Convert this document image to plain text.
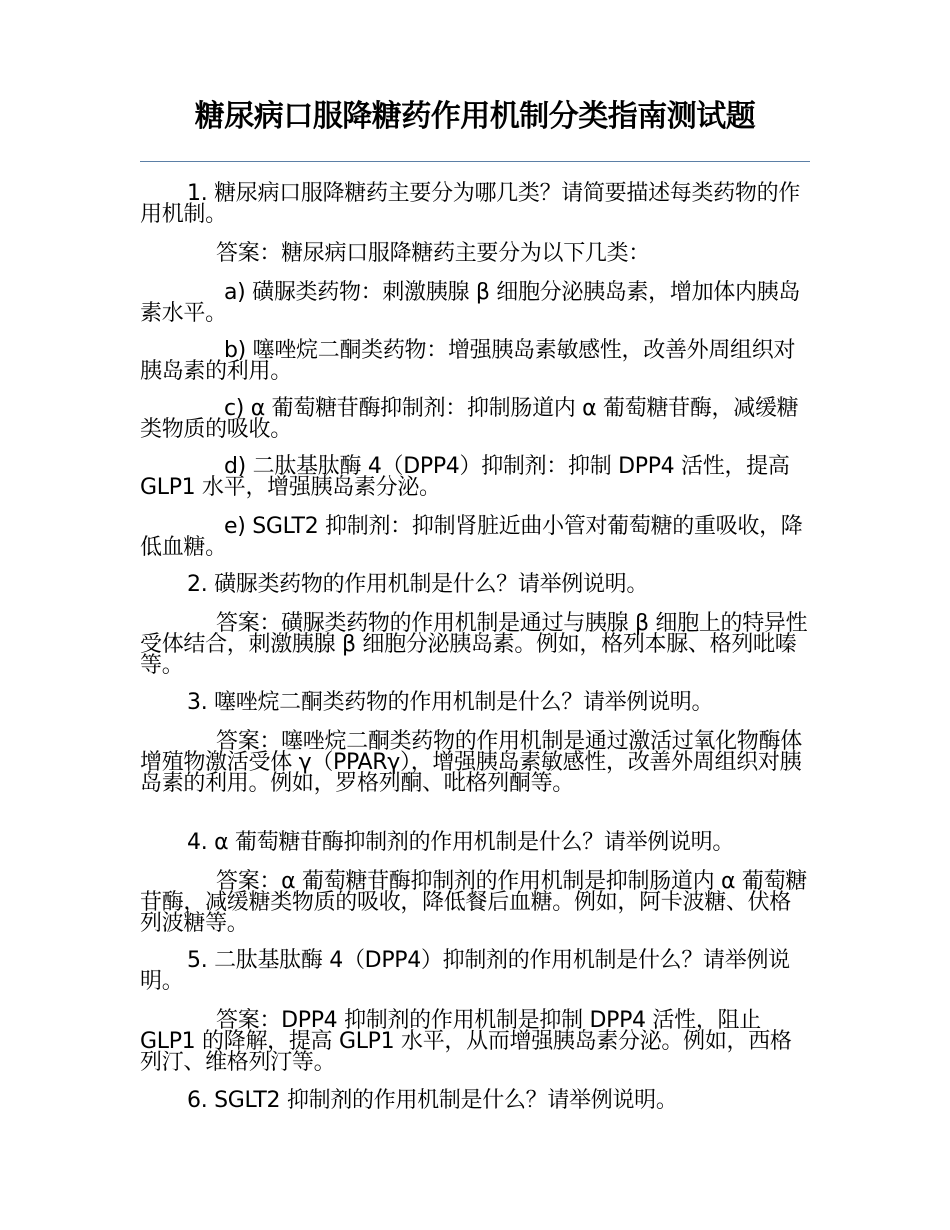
糖尿病口服降糖药作用机制分类指南测试题
1. 糖尿病口服降糖药主要分为哪几类？请简要描述每类药物的作用机制。
答案：糖尿病口服降糖药主要分为以下几类：
a) 磺脲类药物：刺激胰腺 β 细胞分泌胰岛素，增加体内胰岛素水平。
b) 噻唑烷二酮类药物：增强胰岛素敏感性，改善外周组织对胰岛素的利用。
c) α 葡萄糖苷酶抑制剂：抑制肠道内 α 葡萄糖苷酶，减缓糖类物质的吸收。
d) 二肽基肽酶 4（DPP4）抑制剂：抑制 DPP4 活性，提高 GLP1 水平，增强胰岛素分泌。
e) SGLT2 抑制剂：抑制肾脏近曲小管对葡萄糖的重吸收，降低血糖。
2. 磺脲类药物的作用机制是什么？请举例说明。
答案：磺脲类药物的作用机制是通过与胰腺 β 细胞上的特异性受体结合，刺激胰腺 β 细胞分泌胰岛素。例如，格列本脲、格列吡嗪等。
3. 噻唑烷二酮类药物的作用机制是什么？请举例说明。
答案：噻唑烷二酮类药物的作用机制是通过激活过氧化物酶体增殖物激活受体 γ（PPARγ），增强胰岛素敏感性，改善外周组织对胰岛素的利用。例如，罗格列酮、吡格列酮等。
4. α 葡萄糖苷酶抑制剂的作用机制是什么？请举例说明。
答案：α 葡萄糖苷酶抑制剂的作用机制是抑制肠道内 α 葡萄糖苷酶，减缓糖类物质的吸收，降低餐后血糖。例如，阿卡波糖、伏格列波糖等。
5. 二肽基肽酶 4（DPP4）抑制剂的作用机制是什么？请举例说明。
答案：DPP4 抑制剂的作用机制是抑制 DPP4 活性，阻止 GLP1 的降解，提高 GLP1 水平，从而增强胰岛素分泌。例如，西格列汀、维格列汀等。
6. SGLT2 抑制剂的作用机制是什么？请举例说明。
